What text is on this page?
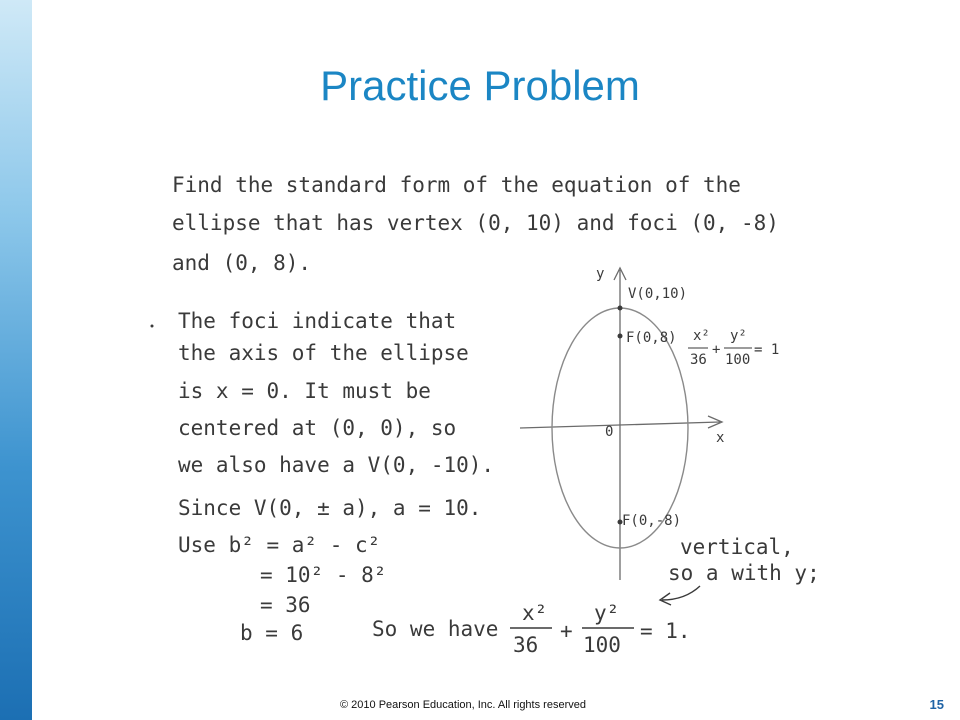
Practice Problem
Find the standard form of the equation of the
ellipse that has vertex (0, 10) and foci (0, -8)
and (0, 8).
The foci indicate that
the axis of the ellipse
is x = 0. It must be
centered at (0, 0), so
we also have a V(0, -10).
Since V(0, ± a), a = 10.
Use b² = a² - c²
= 10² - 8²
= 36
b = 6	So we have
x²
36
+
y²
100
= 1.
y
x
0
V(0,10)
F(0,8)
F(0,-8)
x²
36
+
y²
100
= 1
vertical,
so a with y;
© 2010 Pearson Education, Inc. All rights reserved	15
